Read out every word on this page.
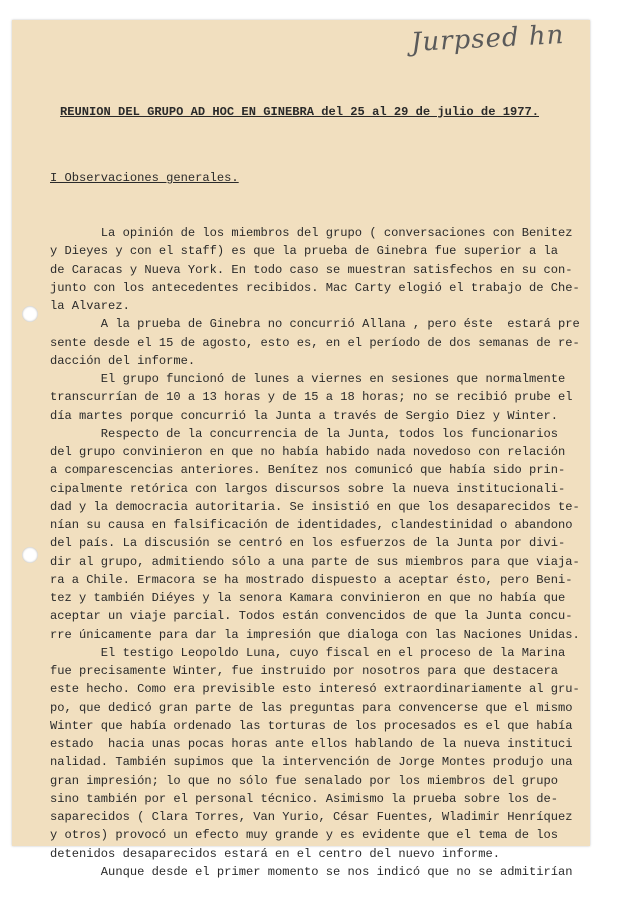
Jurpsed hn

REUNION DEL GRUPO AD HOC EN GINEBRA del 25 al 29 de julio de 1977.

I Observaciones generales.

La opinión de los miembros del grupo ( conversaciones con Benitez
y Dieyes y con el staff) es que la prueba de Ginebra fue superior a la
de Caracas y Nueva York. En todo caso se muestran satisfechos en su con-
junto con los antecedentes recibidos. Mac Carty elogió el trabajo de Che-
la Alvarez.
A la prueba de Ginebra no concurrió Allana , pero éste  estará pre
sente desde el 15 de agosto, esto es, en el período de dos semanas de re-
dacción del informe.
El grupo funcionó de lunes a viernes en sesiones que normalmente
transcurrían de 10 a 13 horas y de 15 a 18 horas; no se recibió prube el
día martes porque concurrió la Junta a través de Sergio Diez y Winter.
Respecto de la concurrencia de la Junta, todos los funcionarios
del grupo convinieron en que no había habido nada novedoso con relación
a comparescencias anteriores. Benítez nos comunicó que había sido prin-
cipalmente retórica con largos discursos sobre la nueva institucionali-
dad y la democracia autoritaria. Se insistió en que los desaparecidos te-
nían su causa en falsificación de identidades, clandestinidad o abandono
del país. La discusión se centró en los esfuerzos de la Junta por divi-
dir al grupo, admitiendo sólo a una parte de sus miembros para que viaja-
ra a Chile. Ermacora se ha mostrado dispuesto a aceptar ésto, pero Beni-
tez y también Diéyes y la senora Kamara convinieron en que no había que
aceptar un viaje parcial. Todos están convencidos de que la Junta concu-
rre únicamente para dar la impresión que dialoga con las Naciones Unidas.
El testigo Leopoldo Luna, cuyo fiscal en el proceso de la Marina
fue precisamente Winter, fue instruido por nosotros para que destacera
este hecho. Como era previsible esto interesó extraordinariamente al gru-
po, que dedicó gran parte de las preguntas para convencerse que el mismo
Winter que había ordenado las torturas de los procesados es el que había
estado  hacia unas pocas horas ante ellos hablando de la nueva instituci
nalidad. También supimos que la intervención de Jorge Montes produjo una
gran impresión; lo que no sólo fue senalado por los miembros del grupo
sino también por el personal técnico. Asimismo la prueba sobre los de-
saparecidos ( Clara Torres, Van Yurio, César Fuentes, Wladimir Henríquez
y otros) provocó un efecto muy grande y es evidente que el tema de los
detenidos desaparecidos estará en el centro del nuevo informe.
Aunque desde el primer momento se nos indicó que no se admitirían
